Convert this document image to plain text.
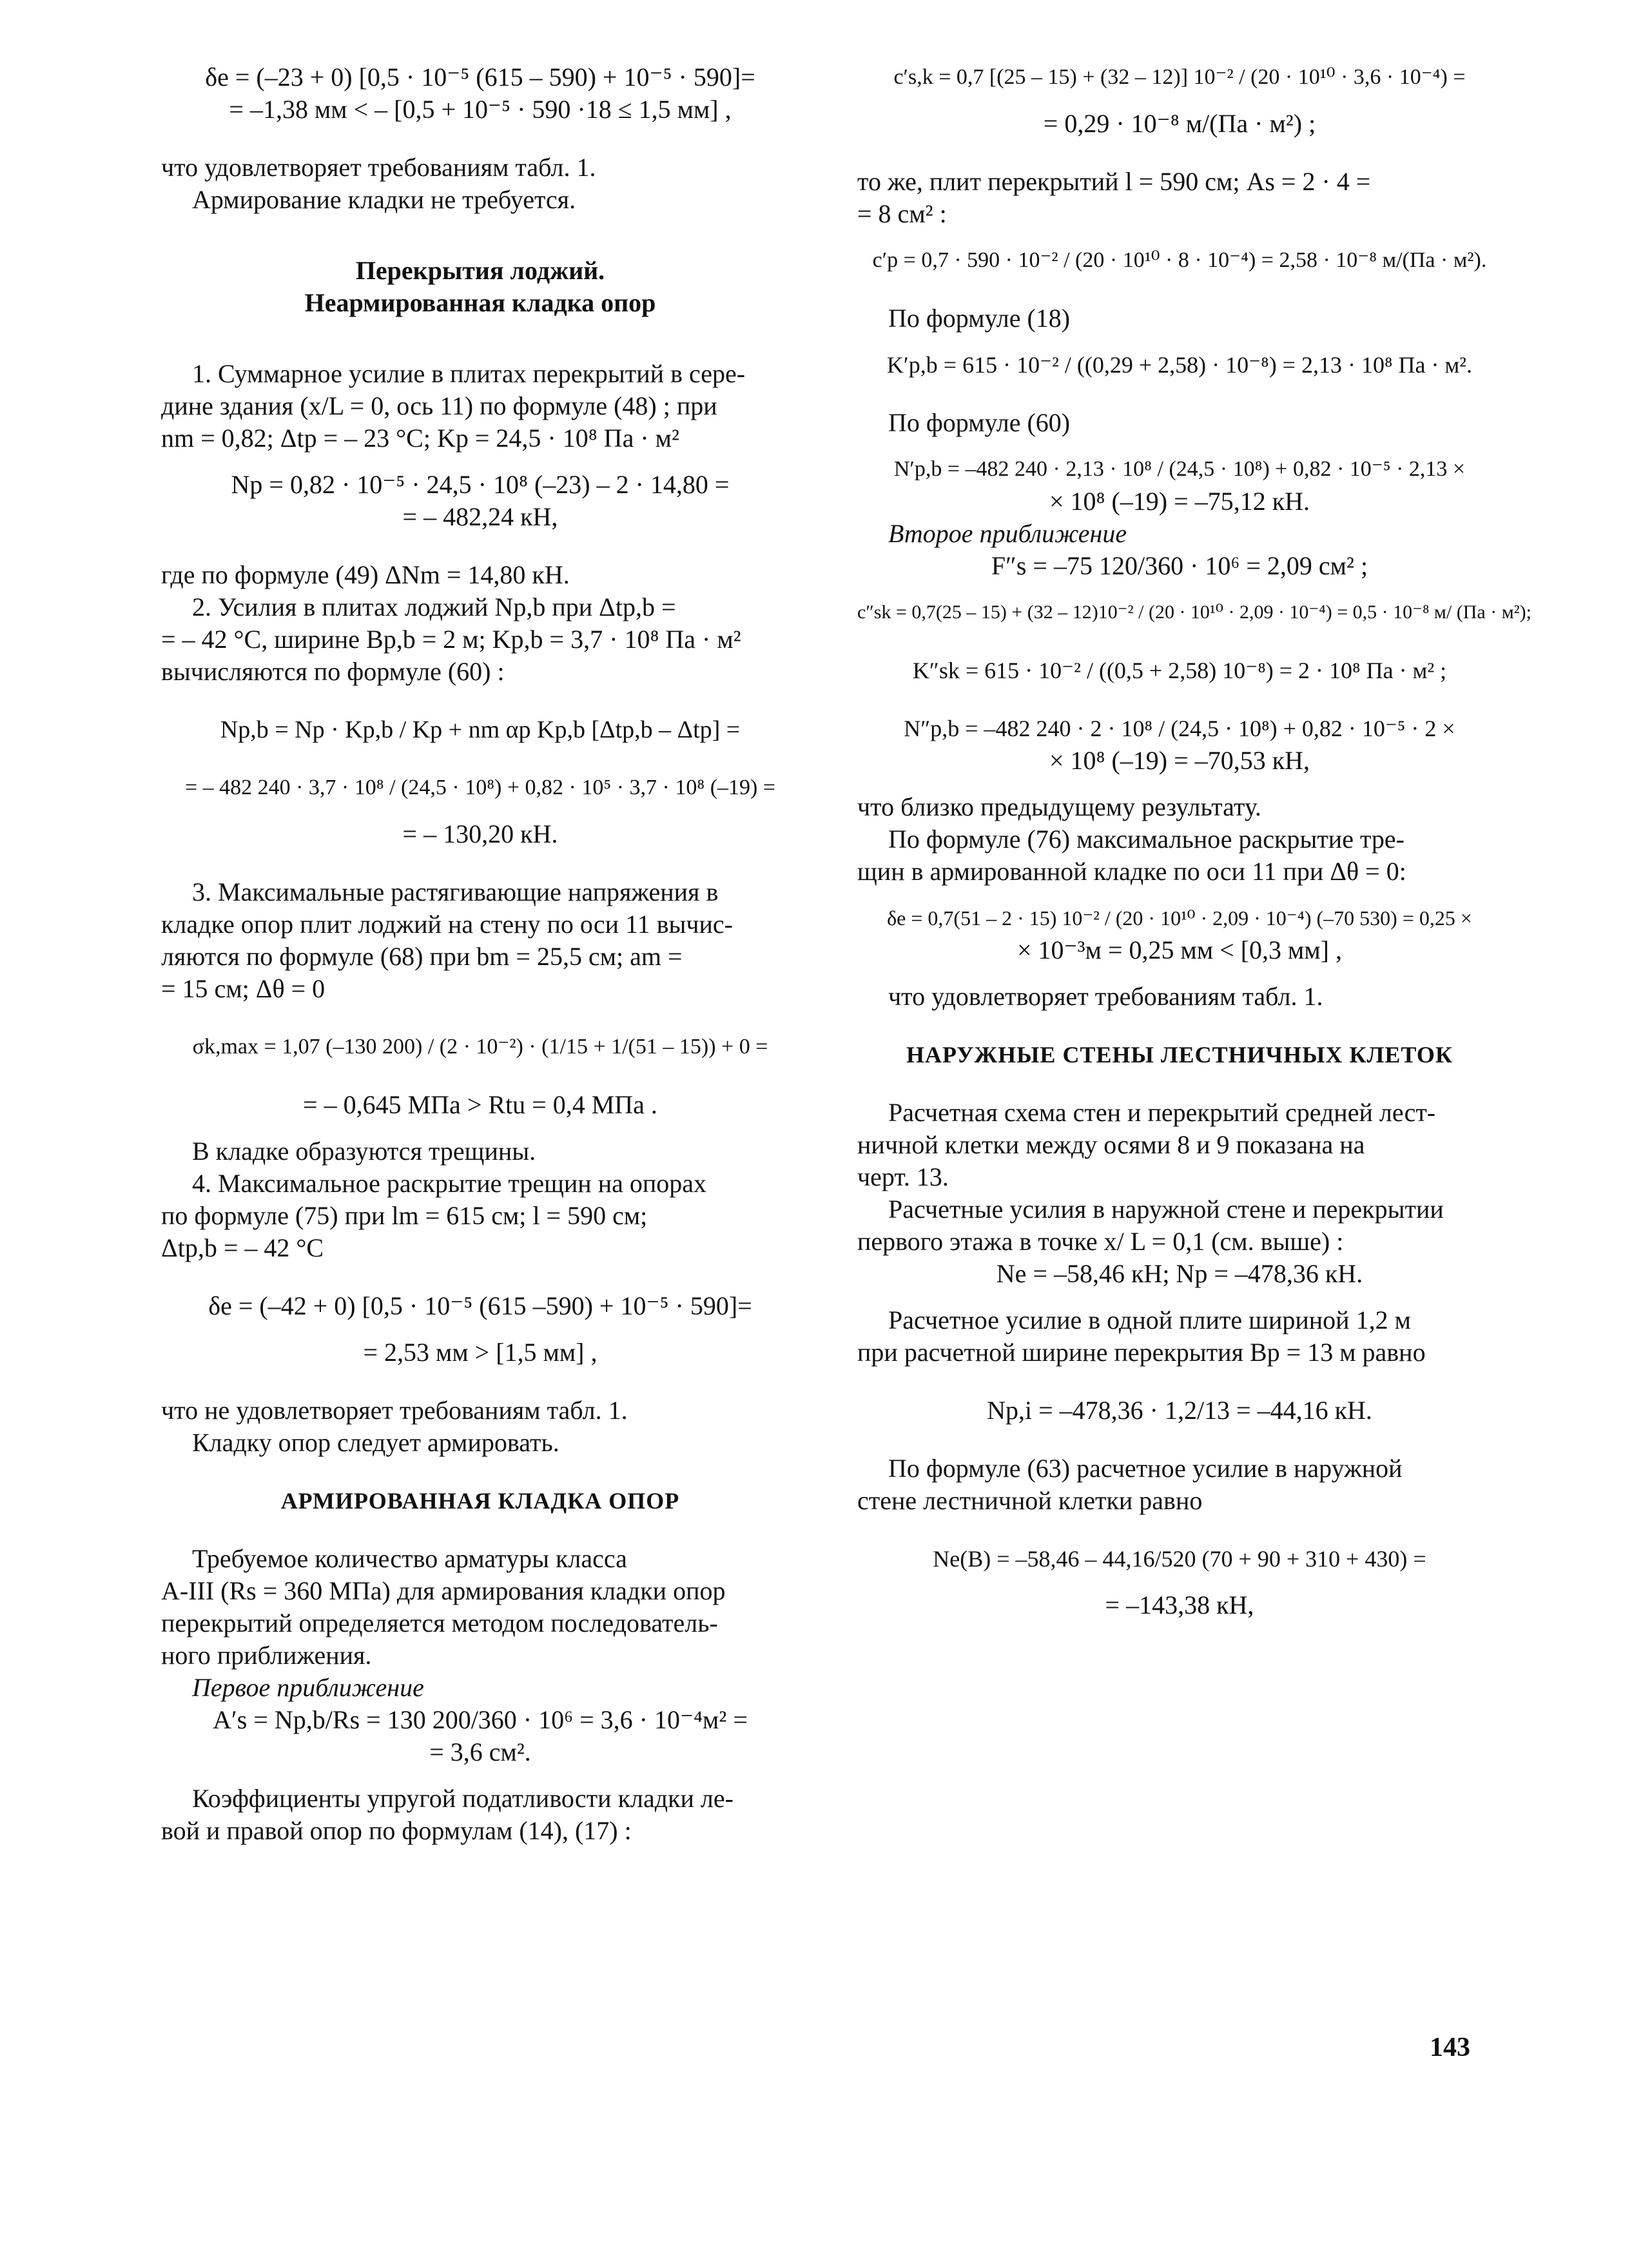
δe = (–23 + 0) [0,5 · 10⁻⁵ (615 – 590) + 10⁻⁵ · 590]=

= –1,38 мм < – [0,5 + 10⁻⁵ · 590 ·18 ≤ 1,5 мм] ,

что удовлетворяет требованиям табл. 1.

Армирование кладки не требуется.

Перекрытия лоджий.

Неармированная кладка опор

1. Суммарное усилие в плитах перекрытий в сере-

дине здания (x/L = 0, ось 11) по формуле (48) ; при

nm = 0,82; Δtp = – 23 °C; Kp = 24,5 · 10⁸ Па · м²

Np = 0,82 · 10⁻⁵ · 24,5 · 10⁸ (–23) – 2 · 14,80 =

= – 482,24 кН,

где по формуле (49) ΔNm = 14,80 кН.

2. Усилия в плитах лоджий Np,b при Δtp,b =

= – 42 °С, ширине Bp,b = 2 м; Kp,b = 3,7 · 10⁸ Па · м²

вычисляются по формуле (60) :

Np,b = Np · Kp,b / Kp + nm αp Kp,b [Δtp,b – Δtp] =

= – 482 240 · 3,7 · 10⁸ / (24,5 · 10⁸) + 0,82 · 10⁵ · 3,7 · 10⁸ (–19) =

= – 130,20 кН.

3. Максимальные растягивающие напряжения в

кладке опор плит лоджий на стену по оси 11 вычис-

ляются по формуле (68) при bm = 25,5 см; am =

= 15 см; Δθ = 0

σk,max = 1,07 (–130 200) / (2 · 10⁻²) · (1/15 + 1/(51 – 15)) + 0 =

= – 0,645 МПа > Rtu = 0,4 МПа .

В кладке образуются трещины.

4. Максимальное раскрытие трещин на опорах

по формуле (75) при lm = 615 см; l = 590 см;

Δtp,b = – 42 °C

δe = (–42 + 0) [0,5 · 10⁻⁵ (615 –590) + 10⁻⁵ · 590]=

= 2,53 мм > [1,5 мм] ,

что не удовлетворяет требованиям табл. 1.

Кладку опор следует армировать.

АРМИРОВАННАЯ КЛАДКА ОПОР

Требуемое количество арматуры класса

A-III (Rs = 360 МПа) для армирования кладки опор

перекрытий определяется методом последователь-

ного приближения.

Первое приближение

A′s = Np,b/Rs = 130 200/360 · 10⁶ = 3,6 · 10⁻⁴м² =

= 3,6 см².

Коэффициенты упругой податливости кладки ле-

вой и правой опор по формулам (14), (17) :

c′s,k = 0,7 [(25 – 15) + (32 – 12)] 10⁻² / (20 · 10¹⁰ · 3,6 · 10⁻⁴) =

= 0,29 · 10⁻⁸ м/(Па · м²) ;

то же, плит перекрытий l = 590 см; As = 2 · 4 =

= 8 см² :

c′p = 0,7 · 590 · 10⁻² / (20 · 10¹⁰ · 8 · 10⁻⁴) = 2,58 · 10⁻⁸ м/(Па · м²).

По формуле (18)

K′p,b = 615 · 10⁻² / ((0,29 + 2,58) · 10⁻⁸) = 2,13 · 10⁸ Па · м².

По формуле (60)

N′p,b = –482 240 · 2,13 · 10⁸ / (24,5 · 10⁸) + 0,82 · 10⁻⁵ · 2,13 ×

× 10⁸ (–19) = –75,12 кН.

Второе приближение

F″s = –75 120/360 · 10⁶ = 2,09 см² ;

c″sk = 0,7(25 – 15) + (32 – 12)10⁻² / (20 · 10¹⁰ · 2,09 · 10⁻⁴) = 0,5 · 10⁻⁸ м/ (Па · м²);

K″sk = 615 · 10⁻² / ((0,5 + 2,58) 10⁻⁸) = 2 · 10⁸ Па · м² ;

N″p,b = –482 240 · 2 · 10⁸ / (24,5 · 10⁸) + 0,82 · 10⁻⁵ · 2 ×

× 10⁸ (–19) = –70,53 кН,

что близко предыдущему результату.

По формуле (76) максимальное раскрытие тре-

щин в армированной кладке по оси 11 при Δθ = 0:

δe = 0,7(51 – 2 · 15) 10⁻² / (20 · 10¹⁰ · 2,09 · 10⁻⁴) (–70 530) = 0,25 ×

× 10⁻³м = 0,25 мм < [0,3 мм] ,

что удовлетворяет требованиям табл. 1.

НАРУЖНЫЕ СТЕНЫ ЛЕСТНИЧНЫХ КЛЕТОК

Расчетная схема стен и перекрытий средней лест-

ничной клетки между осями 8 и 9 показана на

черт. 13.

Расчетные усилия в наружной стене и перекрытии

первого этажа в точке x/ L = 0,1 (см. выше) :

Ne = –58,46 кН; Np = –478,36 кН.

Расчетное усилие в одной плите шириной 1,2 м

при расчетной ширине перекрытия Bp = 13 м равно

Np,i = –478,36 · 1,2/13 = –44,16 кН.

По формуле (63) расчетное усилие в наружной

стене лестничной клетки равно

Ne(B) = –58,46 – 44,16/520 (70 + 90 + 310 + 430) =

= –143,38 кН,

143
